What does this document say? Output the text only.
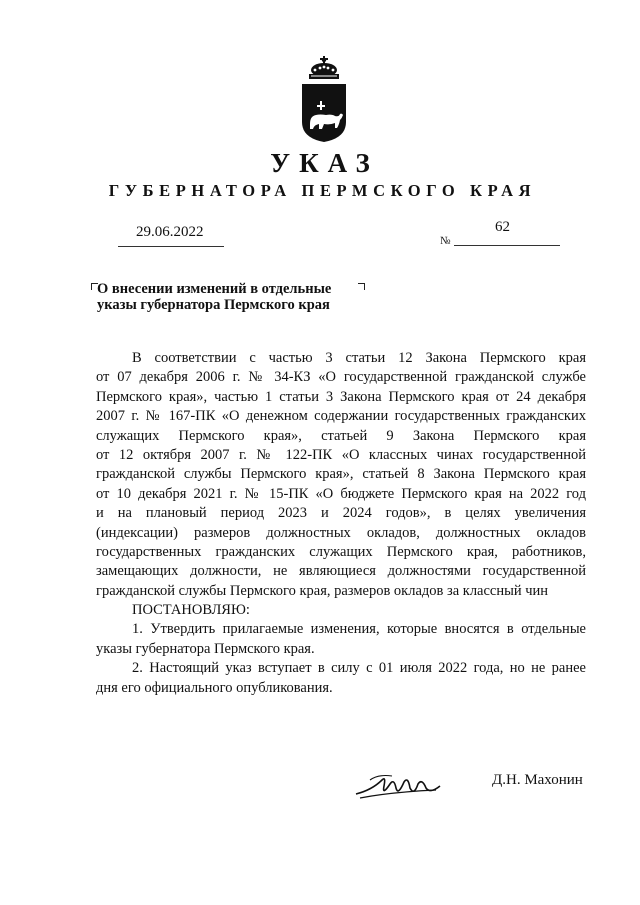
УКАЗ
ГУБЕРНАТОРА ПЕРМСКОГО КРАЯ
29.06.2022
№
62
О внесении изменений в отдельные
указы губернатора Пермского края
В соответствии с частью 3 статьи 12 Закона Пермского края
от 07 декабря 2006 г. № 34-КЗ «О государственной гражданской службе
Пермского края», частью 1 статьи 3 Закона Пермского края от 24 декабря
2007 г. № 167-ПК «О денежном содержании государственных гражданских
служащих Пермского края», статьей 9 Закона Пермского края
от 12 октября 2007 г. № 122-ПК «О классных чинах государственной
гражданской службы Пермского края», статьей 8 Закона Пермского края
от 10 декабря 2021 г. № 15-ПК «О бюджете Пермского края на 2022 год
и на плановый период 2023 и 2024 годов», в целях увеличения
(индексации) размеров должностных окладов, должностных окладов
государственных гражданских служащих Пермского края, работников,
замещающих должности, не являющиеся должностями государственной
гражданской службы Пермского края, размеров окладов за классный чин
ПОСТАНОВЛЯЮ:
1. Утвердить прилагаемые изменения, которые вносятся в отдельные
указы губернатора Пермского края.
2. Настоящий указ вступает в силу с 01 июля 2022 года, но не ранее
дня его официального опубликования.
Д.Н. Махонин
